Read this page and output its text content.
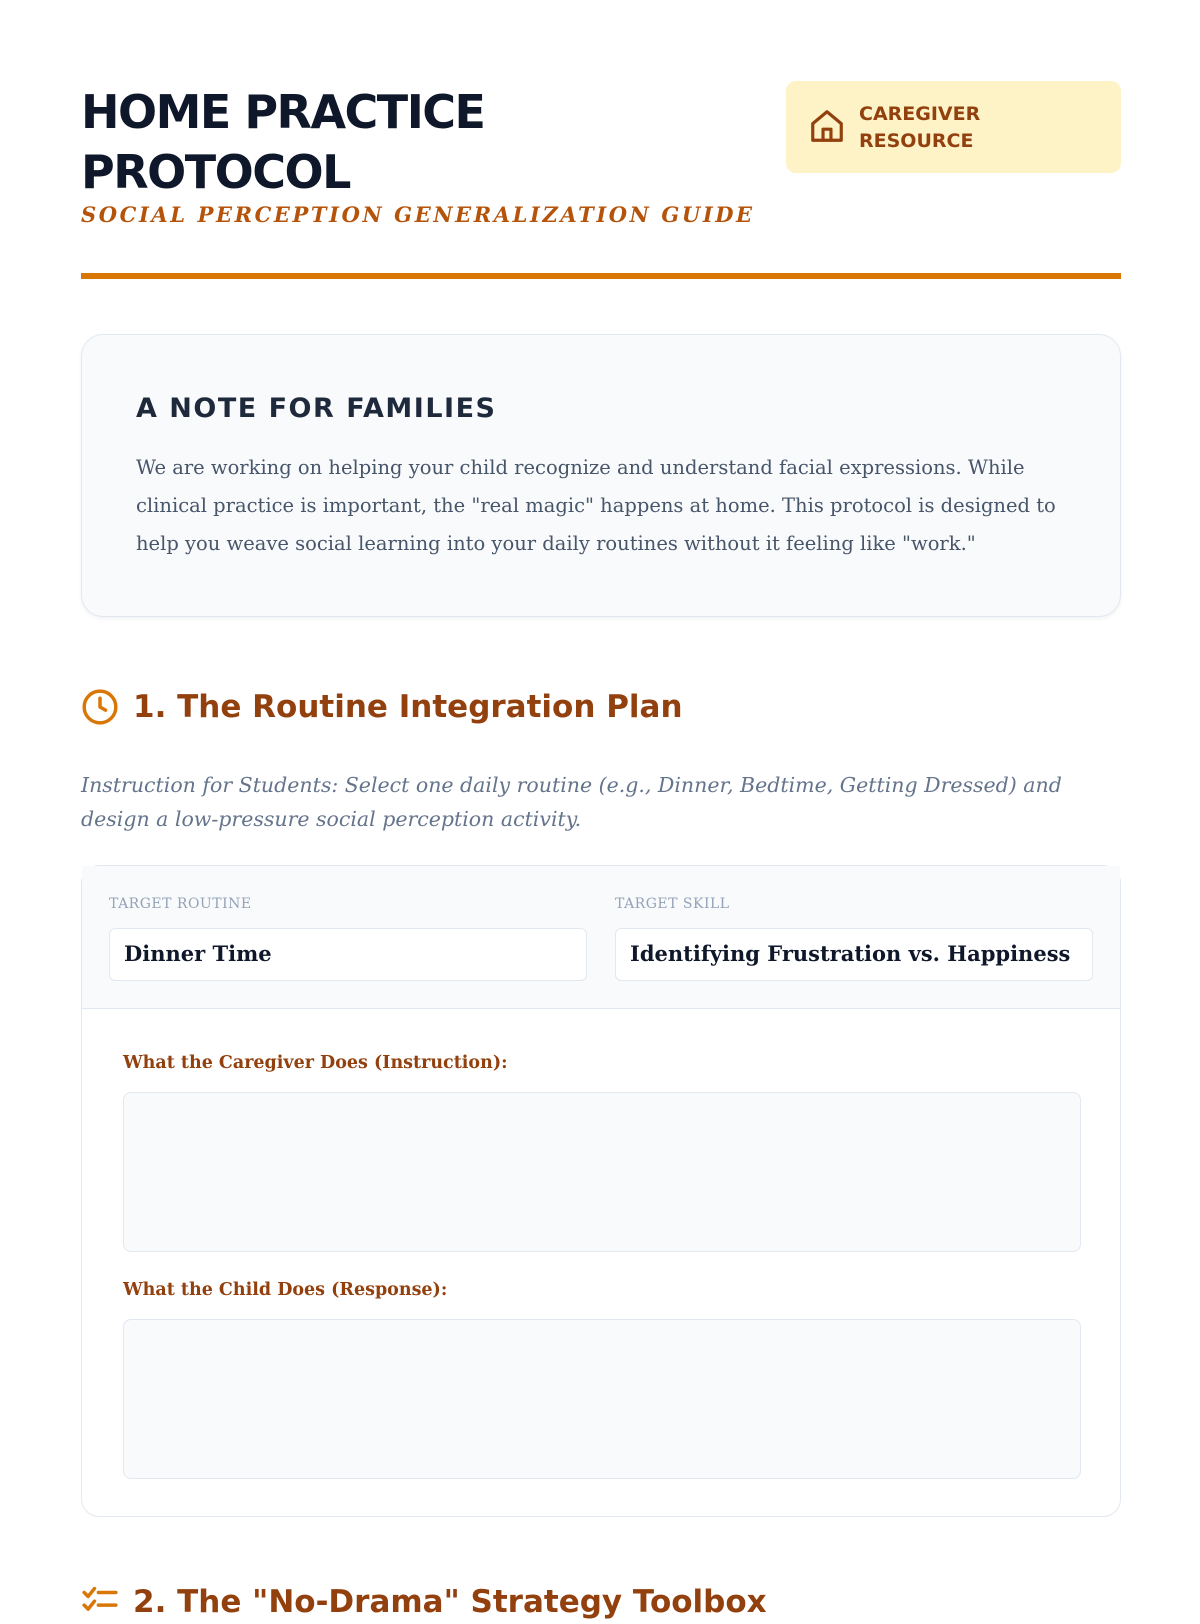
HOME PRACTICE PROTOCOL
SOCIAL PERCEPTION GENERALIZATION GUIDE
CAREGIVER RESOURCE
A NOTE FOR FAMILIES

We are working on helping your child recognize and understand facial expressions. While clinical practice is important, the "real magic" happens at home. This protocol is designed to help you weave social learning into your daily routines without it feeling like "work."

1. The Routine Integration Plan

Instruction for Students: Select one daily routine (e.g., Dinner, Bedtime, Getting Dressed) and design a low-pressure social perception activity.

TARGET ROUTINE
Dinner Time
TARGET SKILL
Identifying Frustration vs. Happiness
What the Caregiver Does (Instruction):
What the Child Does (Response):
2. The "No-Drama" Strategy Toolbox
